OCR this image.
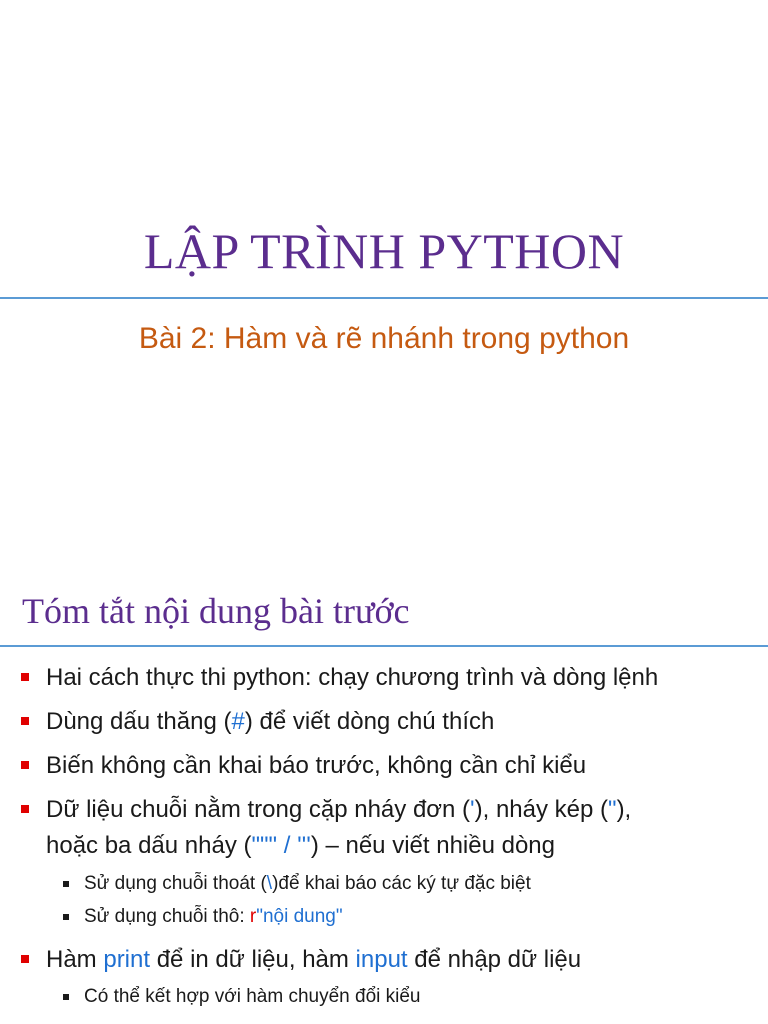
LẬP TRÌNH PYTHON
Bài 2: Hàm và rẽ nhánh trong python
Tóm tắt nội dung bài trước
Hai cách thực thi python: chạy chương trình và dòng lệnh
Dùng dấu thăng (#) để viết dòng chú thích
Biến không cần khai báo trước, không cần chỉ kiểu
Dữ liệu chuỗi nằm trong cặp nháy đơn ('), nháy kép ("),
hoặc ba dấu nháy (""" / ''') – nếu viết nhiều dòng
Sử dụng chuỗi thoát (\)để khai báo các ký tự đặc biệt
Sử dụng chuỗi thô: r"nội dung"
Hàm print để in dữ liệu, hàm input để nhập dữ liệu
Có thể kết hợp với hàm chuyển đổi kiểu
